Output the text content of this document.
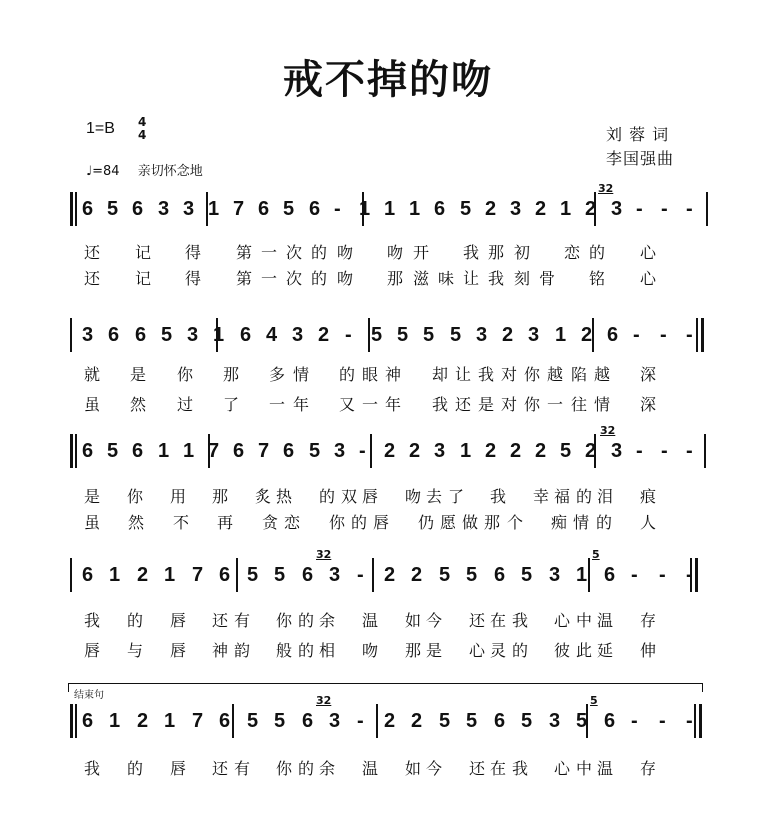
戒不掉的吻
1=B 4
4
♩=84 亲切怀念地
刘 蓉 词
李国强曲
6 5 6 3 3 1 7 6 5 6 - 1 1 1 6 5 2 3 2 1 2 3 - - -
32
3 6 6 5 3 1 6 4 3 2 - 5 5 5 5 3 2 3 1 2 6 - - -
6 5 6 1 1 7 6 7 6 5 3 - 2 2 3 1 2 2 2 5 2 3 - - -
32
6 1 2 1 7 6 5 5 6 3 - 2 2 5 5 6 5 3 1 6 - - -
32	5
6 1 2 1 7 6 5 5 6 3 - 2 2 5 5 6 5 3 5 6 - - -
32	5
还 记 得 第 一 次 的 吻 吻 开 我 那 初 恋 的 心
还 记 得 第 一 次 的 吻 那 滋 味 让 我 刻 骨 铭 心
就 是 你 那 多 情 的 眼 神 却 让 我 对 你 越 陷 越 深
虽 然 过 了 一 年 又 一 年 我 还 是 对 你 一 往 情 深
是 你 用 那 炙 热 的 双 唇 吻 去 了 我 幸 福 的 泪 痕
虽 然 不 再 贪 恋 你 的 唇 仍 愿 做 那 个 痴 情 的 人
我 的 唇 还 有 你 的 余 温 如 今 还 在 我 心 中 温 存
唇 与 唇 神 韵 般 的 相 吻 那 是 心 灵 的 彼 此 延 伸
我 的 唇 还 有 你 的 余 温 如 今 还 在 我 心 中 温 存
结束句
